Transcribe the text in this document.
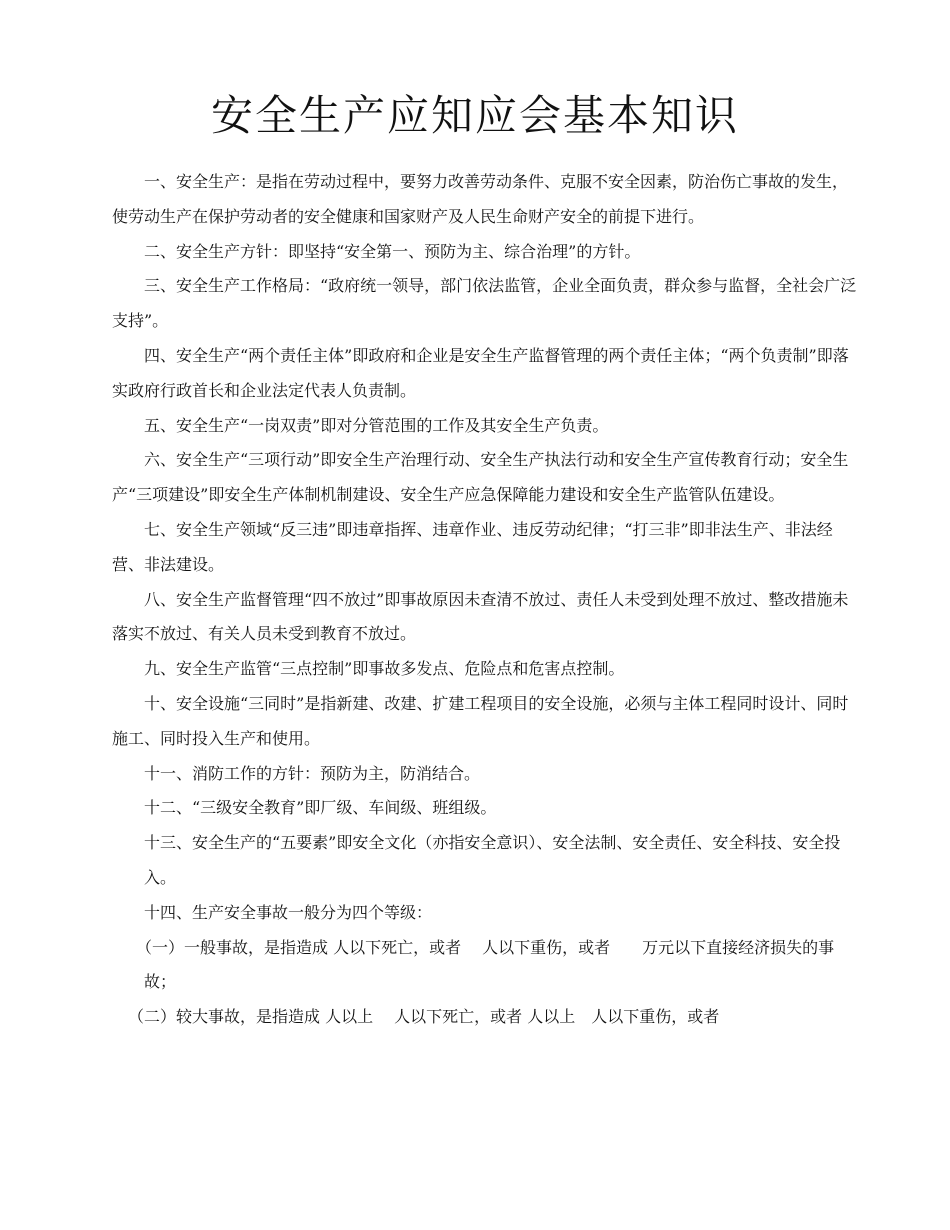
安全生产应知应会基本知识

一、安全生产：是指在劳动过程中，要努力改善劳动条件、克服不安全因素，防治伤亡事故的发生，使劳动生产在保护劳动者的安全健康和国家财产及人民生命财产安全的前提下进行。

二、安全生产方针：即坚持“安全第一、预防为主、综合治理”的方针。

三、安全生产工作格局：“政府统一领导，部门依法监管，企业全面负责，群众参与监督，全社会广泛支持”。

四、安全生产“两个责任主体”即政府和企业是安全生产监督管理的两个责任主体；“两个负责制”即落实政府行政首长和企业法定代表人负责制。

五、安全生产“一岗双责”即对分管范围的工作及其安全生产负责。

六、安全生产“三项行动”即安全生产治理行动、安全生产执法行动和安全生产宣传教育行动；安全生产“三项建设”即安全生产体制机制建设、安全生产应急保障能力建设和安全生产监管队伍建设。

七、安全生产领域“反三违”即违章指挥、违章作业、违反劳动纪律；“打三非”即非法生产、非法经营、非法建设。

八、安全生产监督管理“四不放过”即事故原因未查清不放过、责任人未受到处理不放过、整改措施未落实不放过、有关人员未受到教育不放过。

九、安全生产监管“三点控制”即事故多发点、危险点和危害点控制。

十、安全设施“三同时”是指新建、改建、扩建工程项目的安全设施，必须与主体工程同时设计、同时施工、同时投入生产和使用。

十一、消防工作的方针：预防为主，防消结合。

十二、“三级安全教育”即厂级、车间级、班组级。

十三、安全生产的“五要素”即安全文化（亦指安全意识）、安全法制、安全责任、安全科技、安全投入。

十四、生产安全事故一般分为四个等级：

（一）一般事故，是指造成 人以下死亡，或者　 人以下重伤，或者　　万元以下直接经济损失的事故；

（二）较大事故，是指造成 人以上　 人以下死亡，或者 人以上　人以下重伤，或者
